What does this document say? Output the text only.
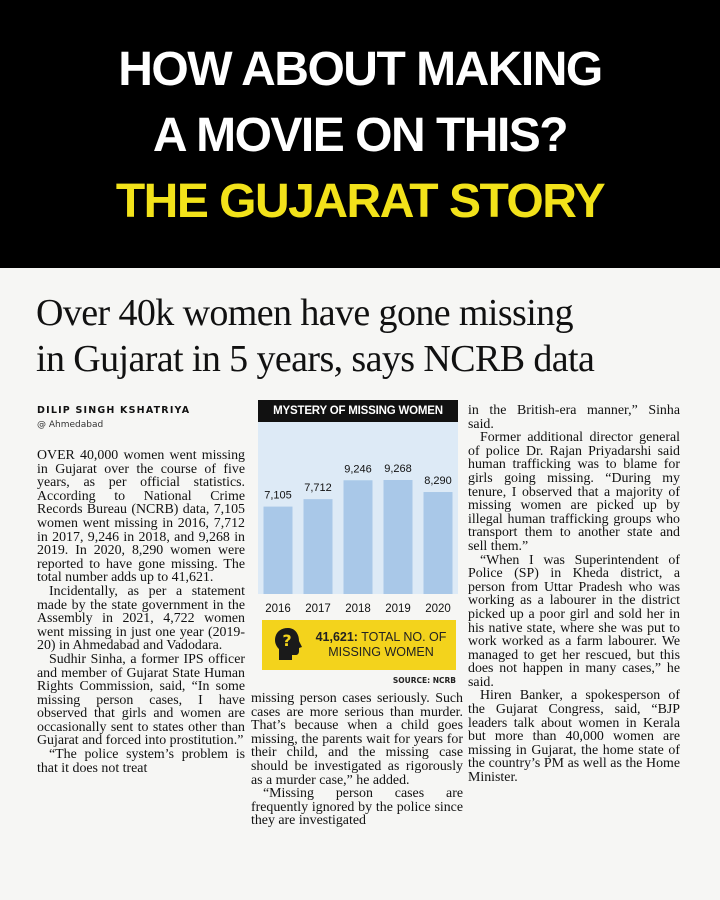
HOW ABOUT MAKING
A MOVIE ON THIS?
THE GUJARAT STORY
Over 40k women have gone missing
in Gujarat in 5 years, says NCRB data
DILIP SINGH KSHATRIYA
@ Ahmedabad

OVER 40,000 women went missing in Gujarat over the course of five years, as per official statistics. According to National Crime Records Bureau (NCRB) data, 7,105 women went missing in 2016, 7,712 in 2017, 9,246 in 2018, and 9,268 in 2019. In 2020, 8,290 women were reported to have gone missing. The total number adds up to 41,621.

Incidentally, as per a statement made by the state government in the Assembly in 2021, 4,722 women went missing in just one year (2019-20) in Ahmedabad and Vadodara.

Sudhir Sinha, a former IPS officer and member of Gujarat State Human Rights Commission, said, “In some missing person cases, I have observed that girls and women are occasionally sent to states other than Gujarat and forced into prostitution.”

“The police system’s problem is that it does not treat

MYSTERY OF MISSING WOMEN
7,105
2016
7,712
2017
9,246
2018
9,268
2019
8,290
2020
?	41,621: TOTAL NO. OF MISSING WOMEN
SOURCE: NCRB

missing person cases seriously. Such cases are more serious than murder. That’s because when a child goes missing, the parents wait for years for their child, and the missing case should be investigated as rigorously as a murder case,” he added.

“Missing person cases are frequently ignored by the police since they are investigated

in the British-era manner,” Sinha said.

Former additional director general of police Dr. Rajan Priyadarshi said human trafficking was to blame for girls going missing. “During my tenure, I observed that a majority of missing women are picked up by illegal human trafficking groups who transport them to another state and sell them.”

“When I was Superintendent of Police (SP) in Kheda district, a person from Uttar Pradesh who was working as a labourer in the district picked up a poor girl and sold her in his native state, where she was put to work worked as a farm labourer. We managed to get her rescued, but this does not happen in many cases,” he said.

Hiren Banker, a spokesperson of the Gujarat Congress, said, “BJP leaders talk about women in Kerala but more than 40,000 women are missing in Gujarat, the home state of the country’s PM as well as the Home Minister.
